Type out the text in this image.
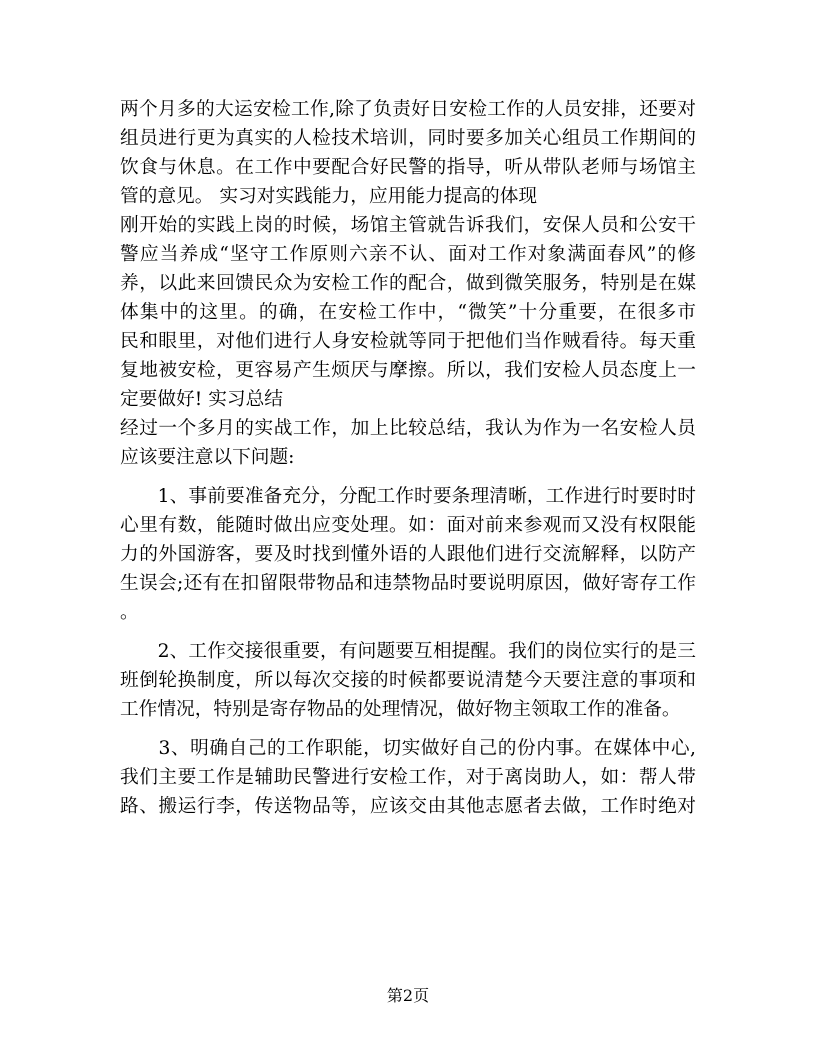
两个月多的大运安检工作,除了负责好日安检工作的人员安排，还要对
组员进行更为真实的人检技术培训，同时要多加关心组员工作期间的
饮食与休息。在工作中要配合好民警的指导，听从带队老师与场馆主
管的意见。 实习对实践能力，应用能力提高的体现
刚开始的实践上岗的时候，场馆主管就告诉我们，安保人员和公安干
警应当养成“坚守工作原则六亲不认、面对工作对象满面春风”的修
养，以此来回馈民众为安检工作的配合，做到微笑服务，特别是在媒
体集中的这里。的确，在安检工作中，“微笑”十分重要，在很多市
民和眼里，对他们进行人身安检就等同于把他们当作贼看待。每天重
复地被安检，更容易产生烦厌与摩擦。所以，我们安检人员态度上一
定要做好! 实习总结
经过一个多月的实战工作，加上比较总结，我认为作为一名安检人员
应该要注意以下问题:
　　1、事前要准备充分，分配工作时要条理清晰，工作进行时要时时
心里有数，能随时做出应变处理。如：面对前来参观而又没有权限能
力的外国游客，要及时找到懂外语的人跟他们进行交流解释，以防产
生误会;还有在扣留限带物品和违禁物品时要说明原因，做好寄存工作
。
　　2、工作交接很重要，有问题要互相提醒。我们的岗位实行的是三
班倒轮换制度，所以每次交接的时候都要说清楚今天要注意的事项和
工作情况，特别是寄存物品的处理情况，做好物主领取工作的准备。
　　3、明确自己的工作职能，切实做好自己的份内事。在媒体中心,
我们主要工作是辅助民警进行安检工作，对于离岗助人，如：帮人带
路、搬运行李，传送物品等，应该交由其他志愿者去做，工作时绝对
第2页
